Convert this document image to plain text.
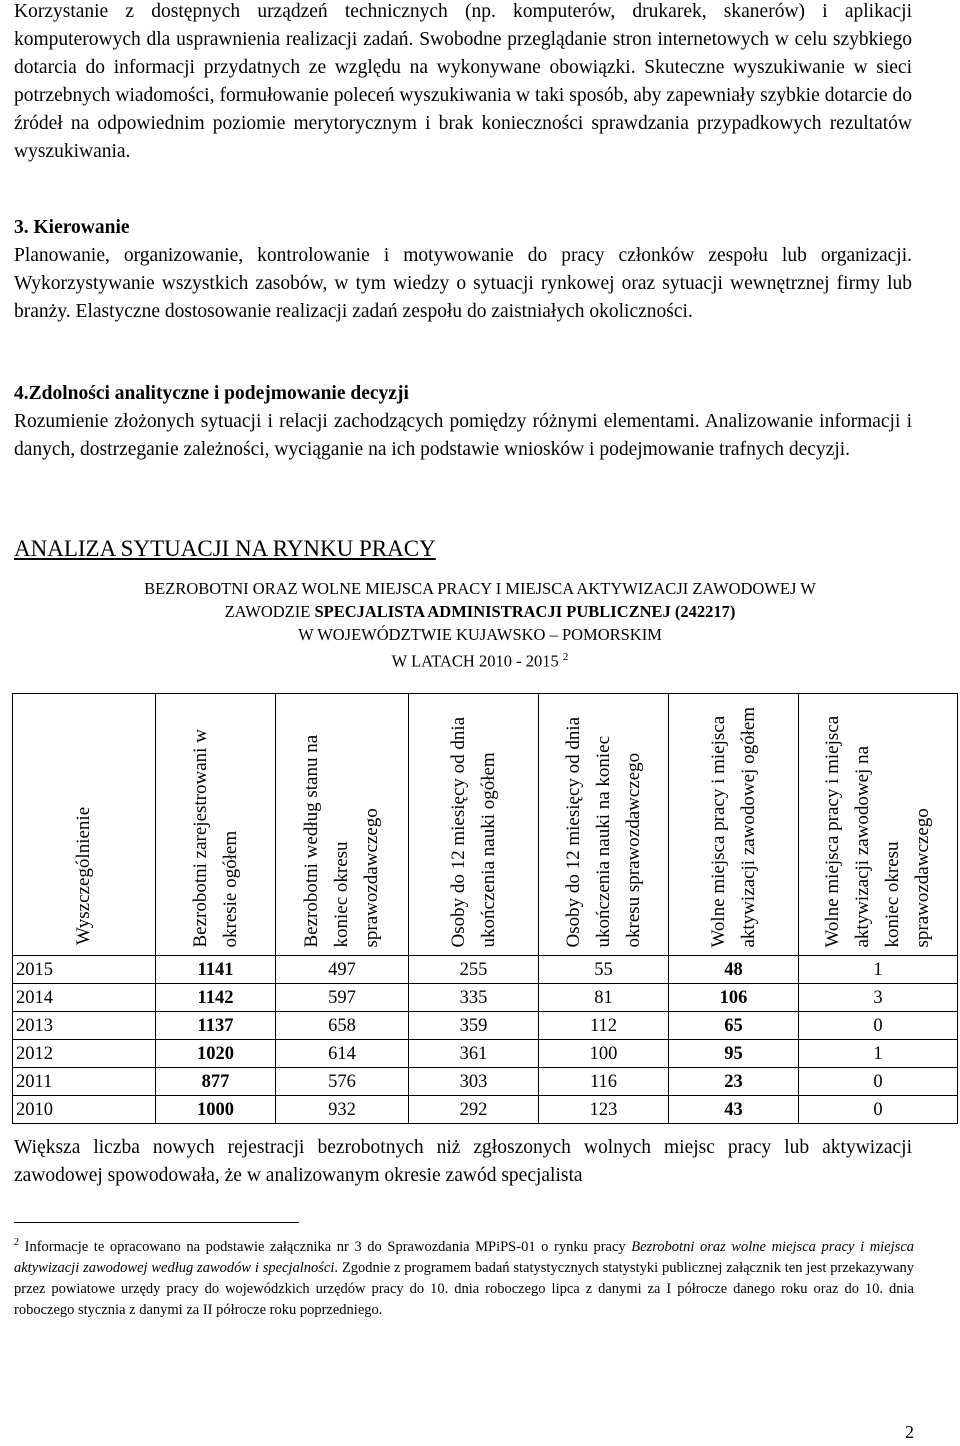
Korzystanie z dostępnych urządzeń technicznych (np. komputerów, drukarek, skanerów) i aplikacji komputerowych dla usprawnienia realizacji zadań. Swobodne przeglądanie stron internetowych w celu szybkiego dotarcia do informacji przydatnych ze względu na wykonywane obowiązki. Skuteczne wyszukiwanie w sieci potrzebnych wiadomości, formułowanie poleceń wyszukiwania w taki sposób, aby zapewniały szybkie dotarcie do źródeł na odpowiednim poziomie merytorycznym i brak konieczności sprawdzania przypadkowych rezultatów wyszukiwania.

3. Kierowanie

Planowanie, organizowanie, kontrolowanie i motywowanie do pracy członków zespołu lub organizacji. Wykorzystywanie wszystkich zasobów, w tym wiedzy o sytuacji rynkowej oraz sytuacji wewnętrznej firmy lub branży. Elastyczne dostosowanie realizacji zadań zespołu do zaistniałych okoliczności.

4.Zdolności analityczne i podejmowanie decyzji

Rozumienie złożonych sytuacji i relacji zachodzących pomiędzy różnymi elementami. Analizowanie informacji i danych, dostrzeganie zależności, wyciąganie na ich podstawie wniosków i podejmowanie trafnych decyzji.

ANALIZA SYTUACJI NA RYNKU PRACY

BEZROBOTNI ORAZ WOLNE MIEJSCA PRACY I MIEJSCA AKTYWIZACJI ZAWODOWEJ W

ZAWODZIE SPECJALISTA ADMINISTRACJI PUBLICZNEJ (242217)

W WOJEWÓDZTWIE KUJAWSKO – POMORSKIM

W LATACH 2010 - 2015 $^2$

Wyszczególnienie	Bezrobotni zarejestrowani w okresie ogółem	Bezrobotni według stanu na koniec okresu sprawozdawczego	Osoby do 12 miesięcy od dnia ukończenia nauki ogółem	Osoby do 12 miesięcy od dnia ukończenia nauki na koniec okresu sprawozdawczego	Wolne miejsca pracy i miejsca aktywizacji zawodowej ogółem	Wolne miejsca pracy i miejsca aktywizacji zawodowej na koniec okresu sprawozdawczego

2015	1141	497	255	55	48	1
2014	1142	597	335	81	106	3
2013	1137	658	359	112	65	0
2012	1020	614	361	100	95	1
2011	877	576	303	116	23	0
2010	1000	932	292	123	43	0

Większa liczba nowych rejestracji bezrobotnych niż zgłoszonych wolnych miejsc pracy lub aktywizacji zawodowej spowodowała, że w analizowanym okresie zawód specjalista

$^2$ Informacje te opracowano na podstawie załącznika nr 3 do Sprawozdania MPiPS-01 o rynku pracy Bezrobotni oraz wolne miejsca pracy i miejsca aktywizacji zawodowej według zawodów i specjalności. Zgodnie z programem badań statystycznych statystyki publicznej załącznik ten jest przekazywany przez powiatowe urzędy pracy do wojewódzkich urzędów pracy do 10. dnia roboczego lipca z danymi za I półrocze danego roku oraz do 10. dnia roboczego stycznia z danymi za II półrocze roku poprzedniego.

2
